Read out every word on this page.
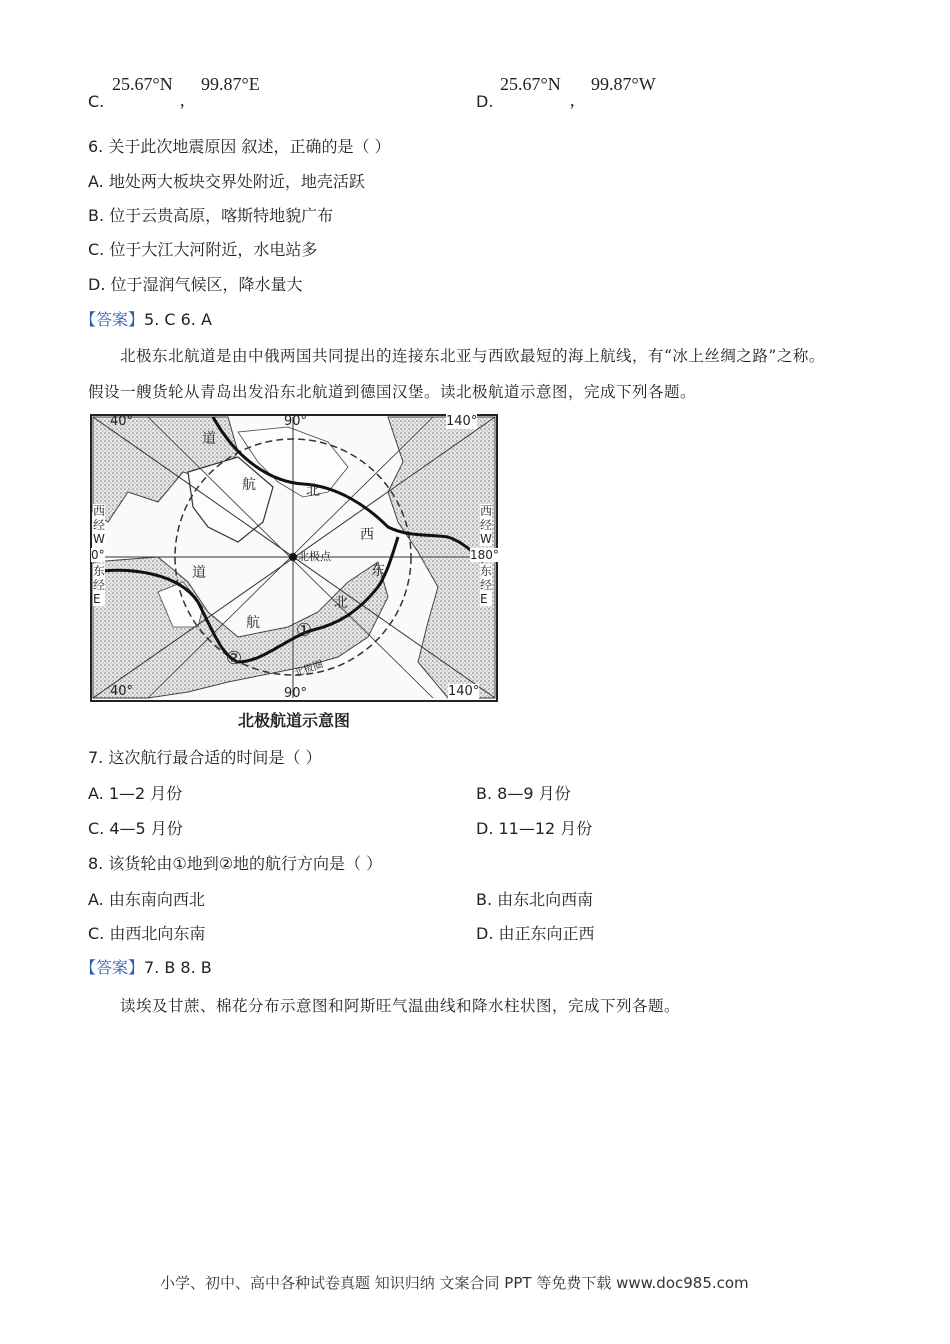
C.
25.67°N
,
99.87°E
D.
25.67°N
,
99.87°W
6. 关于此次地震原因 叙述，正确的是（ ）
A. 地处两大板块交界处附近，地壳活跃
B. 位于云贵高原，喀斯特地貌广布
C. 位于大江大河附近，水电站多
D. 位于湿润气候区，降水量大
【答案】5. C 6. A
北极东北航道是由中俄两国共同提出的连接东北亚与西欧最短的海上航线，有“冰上丝绸之路”之称。
假设一艘货轮从青岛出发沿东北航道到德国汉堡。读北极航道示意图，完成下列各题。
40°	90°	140°
40°	90°	140°
西
经
W
0°
东
经
E
西
经
W
180°
东
经
E
道
航	北
道
航
北
西
东
北极点
北极圈
①
②
北极航道示意图
7. 这次航行最合适的时间是（ ）
A. 1—2 月份	B. 8—9 月份
C. 4—5 月份	D. 11—12 月份
8. 该货轮由①地到②地的航行方向是（ ）
A. 由东南向西北	B. 由东北向西南
C. 由西北向东南	D. 由正东向正西
【答案】7. B 8. B
读埃及甘蔗、棉花分布示意图和阿斯旺气温曲线和降水柱状图，完成下列各题。
小学、初中、高中各种试卷真题 知识归纳 文案合同 PPT 等免费下载 www.doc985.com
